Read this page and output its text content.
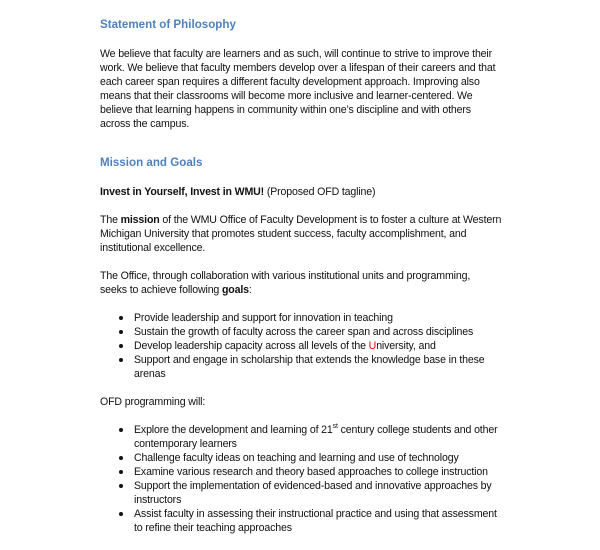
Statement of Philosophy
We believe that faculty are learners and as such, will continue to strive to improve their
work. We believe that faculty members develop over a lifespan of their careers and that
each career span requires a different faculty development approach. Improving also
means that their classrooms will become more inclusive and learner-centered. We
believe that learning happens in community within one’s discipline and with others
across the campus.
Mission and Goals
Invest in Yourself, Invest in WMU! (Proposed OFD tagline)
The mission of the WMU Office of Faculty Development is to foster a culture at Western
Michigan University that promotes student success, faculty accomplishment, and
institutional excellence.
The Office, through collaboration with various institutional units and programming,
seeks to achieve following goals:
Provide leadership and support for innovation in teaching
Sustain the growth of faculty across the career span and across disciplines
Develop leadership capacity across all levels of the University, and
Support and engage in scholarship that extends the knowledge base in these
arenas
OFD programming will:
Explore the development and learning of 21st century college students and other
contemporary learners
Challenge faculty ideas on teaching and learning and use of technology
Examine various research and theory based approaches to college instruction
Support the implementation of evidenced-based and innovative approaches by
instructors
Assist faculty in assessing their instructional practice and using that assessment
to refine their teaching approaches
